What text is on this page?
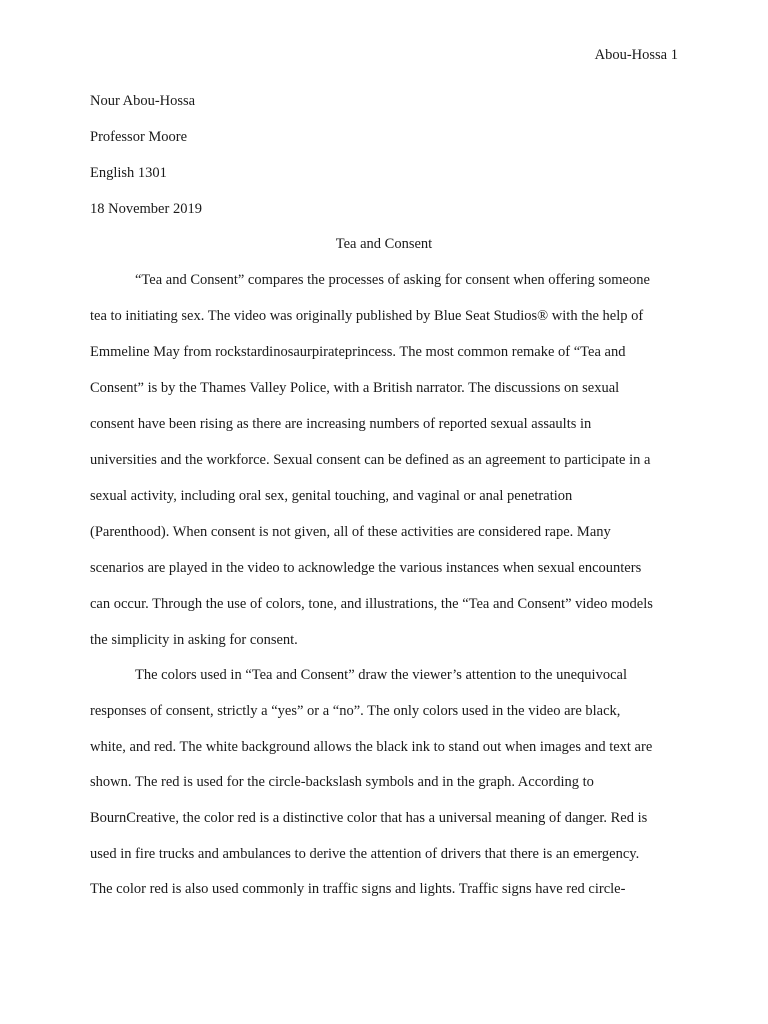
Abou-Hossa 1
Nour Abou-Hossa
Professor Moore
English 1301
18 November 2019
Tea and Consent
“Tea and Consent” compares the processes of asking for consent when offering someone
tea to initiating sex. The video was originally published by Blue Seat Studios® with the help of
Emmeline May from rockstardinosaurpirateprincess. The most common remake of “Tea and
Consent” is by the Thames Valley Police, with a British narrator. The discussions on sexual
consent have been rising as there are increasing numbers of reported sexual assaults in
universities and the workforce. Sexual consent can be defined as an agreement to participate in a
sexual activity, including oral sex, genital touching, and vaginal or anal penetration
(Parenthood). When consent is not given, all of these activities are considered rape. Many
scenarios are played in the video to acknowledge the various instances when sexual encounters
can occur. Through the use of colors, tone, and illustrations, the “Tea and Consent” video models
the simplicity in asking for consent.
The colors used in “Tea and Consent” draw the viewer’s attention to the unequivocal
responses of consent, strictly a “yes” or a “no”. The only colors used in the video are black,
white, and red. The white background allows the black ink to stand out when images and text are
shown. The red is used for the circle-backslash symbols and in the graph. According to
BournCreative, the color red is a distinctive color that has a universal meaning of danger. Red is
used in fire trucks and ambulances to derive the attention of drivers that there is an emergency.
The color red is also used commonly in traffic signs and lights. Traffic signs have red circle-
